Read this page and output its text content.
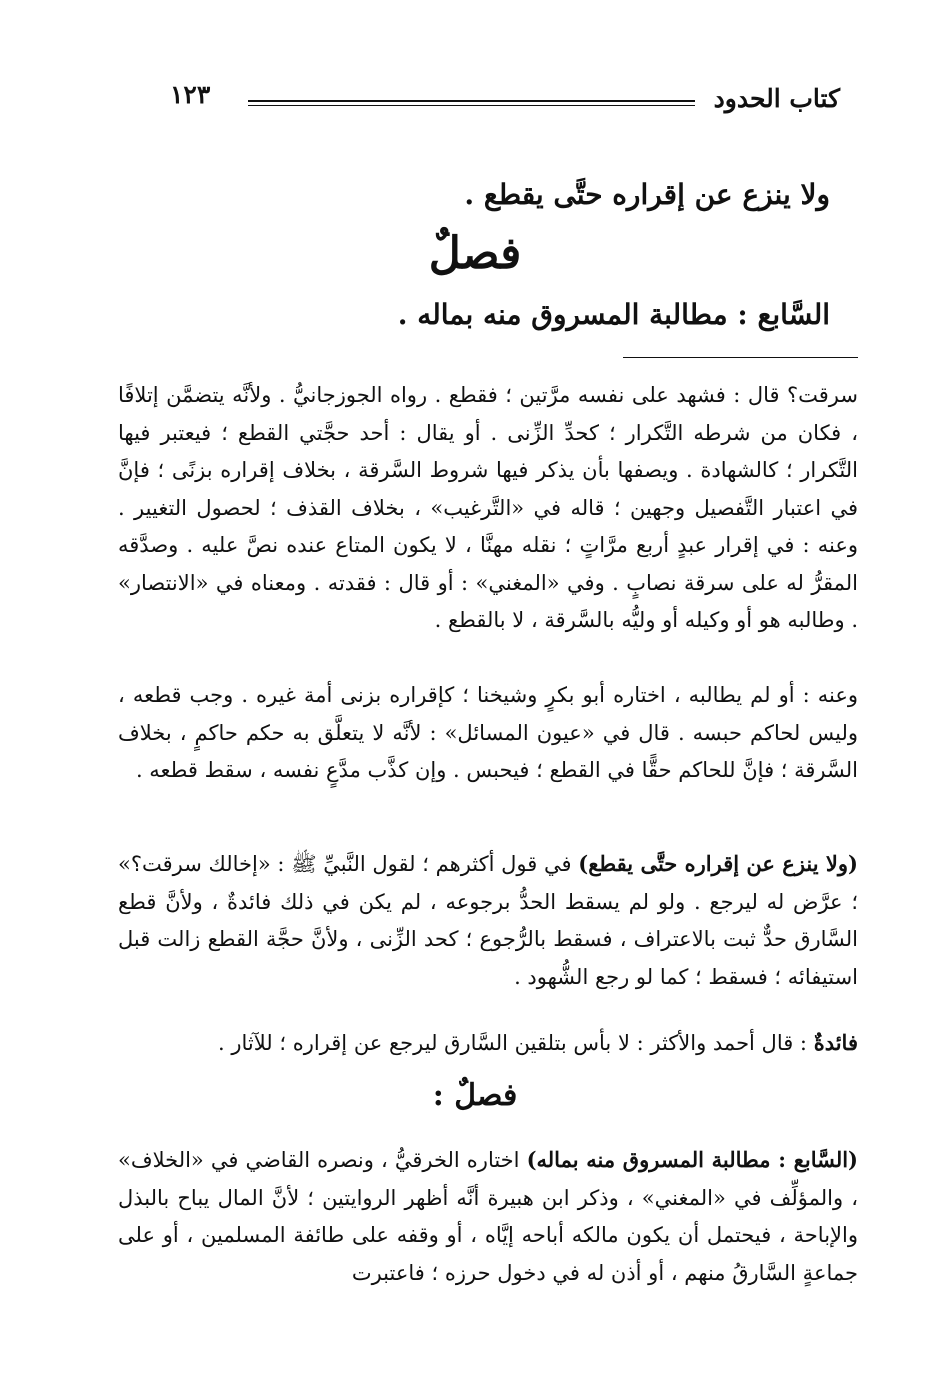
كتاب الحدود
١٢٣
ولا ينزع عن إقراره حتَّى يقطع .
فصلٌ
السَّابع : مطالبة المسروق منه بماله .

سرقت؟ قال : فشهد على نفسه مرَّتين ؛ فقطع . رواه الجوزجانيُّ . ولأنَّه يتضمَّن إتلافًا ، فكان من شرطه التَّكرار ؛ كحدِّ الزِّنى . أو يقال : أحد حجَّتي القطع ؛ فيعتبر فيها التَّكرار ؛ كالشهادة . ويصفها بأن يذكر فيها شروط السَّرقة ، بخلاف إقراره بزنًى ؛ فإنَّ في اعتبار التَّفصيل وجهين ؛ قاله في «التَّرغيب» ، بخلاف القذف ؛ لحصول التغيير . وعنه : في إقرار عبدٍ أربع مرَّاتٍ ؛ نقله مهنَّا ، لا يكون المتاع عنده نصَّ عليه . وصدَّقه المقرُّ له على سرقة نصابٍ . وفي «المغني» : أو قال : فقدته . ومعناه في «الانتصار» . وطالبه هو أو وكيله أو وليُّه بالسَّرقة ، لا بالقطع .

وعنه : أو لم يطالبه ، اختاره أبو بكرٍ وشيخنا ؛ كإقراره بزنى أمة غيره . وجب قطعه ، وليس لحاكم حبسه . قال في «عيون المسائل» : لأنَّه لا يتعلَّق به حكم حاكمٍ ، بخلاف السَّرقة ؛ فإنَّ للحاكم حقًّا في القطع ؛ فيحبس . وإن كذَّب مدَّعٍ نفسه ، سقط قطعه .

(ولا ينزع عن إقراره حتَّى يقطع) في قول أكثرهم ؛ لقول النَّبيِّ ﷺ : «إخالك سرقت؟» ؛ عرَّض له ليرجع . ولو لم يسقط الحدُّ برجوعه ، لم يكن في ذلك فائدةٌ ، ولأنَّ قطع السَّارق حدٌّ ثبت بالاعتراف ، فسقط بالرُّجوع ؛ كحد الزِّنى ، ولأنَّ حجَّة القطع زالت قبل استيفائه ؛ فسقط ؛ كما لو رجع الشُّهود .

فائدةٌ : قال أحمد والأكثر : لا بأس بتلقين السَّارق ليرجع عن إقراره ؛ للآثار .

فصلٌ :

(السَّابع : مطالبة المسروق منه بماله) اختاره الخرقيُّ ، ونصره القاضي في «الخلاف» ، والمؤلِّف في «المغني» ، وذكر ابن هبيرة أنَّه أظهر الروايتين ؛ لأنَّ المال يباح بالبذل والإباحة ، فيحتمل أن يكون مالكه أباحه إيَّاه ، أو وقفه على طائفة المسلمين ، أو على جماعةٍ السَّارقُ منهم ، أو أذن له في دخول حرزه ؛ فاعتبرت
